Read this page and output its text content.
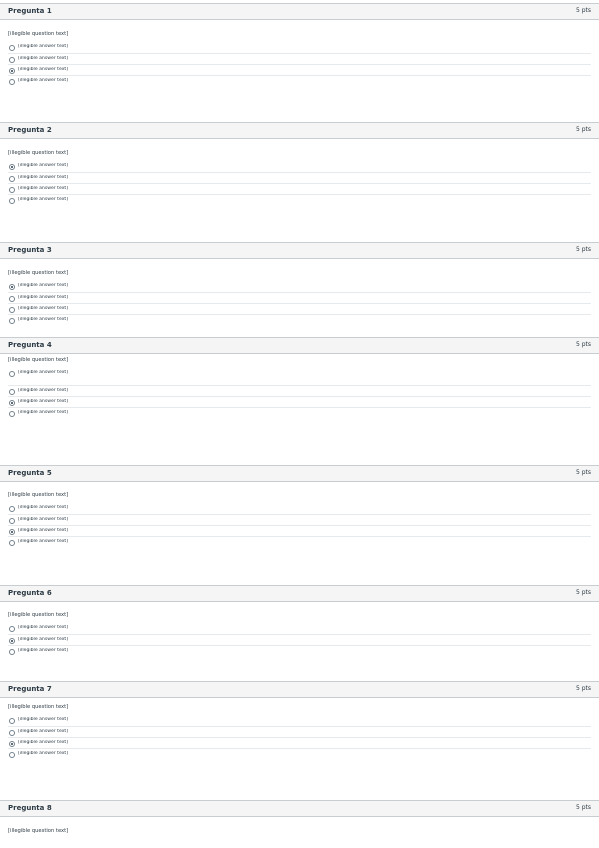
Pregunta 1	5 pts

[illegible question text]

[illegible answer text]
[illegible answer text]
[illegible answer text]
[illegible answer text]
Pregunta 2	5 pts

[illegible question text]

[illegible answer text]
[illegible answer text]
[illegible answer text]
[illegible answer text]
Pregunta 3	5 pts

[illegible question text]

[illegible answer text]
[illegible answer text]
[illegible answer text]
[illegible answer text]
Pregunta 4	5 pts

[illegible question text]

[illegible answer text]
[illegible answer text]
[illegible answer text]
[illegible answer text]
Pregunta 5	5 pts

[illegible question text]

[illegible answer text]
[illegible answer text]
[illegible answer text]
[illegible answer text]
Pregunta 6	5 pts

[illegible question text]

[illegible answer text]
[illegible answer text]
[illegible answer text]
Pregunta 7	5 pts

[illegible question text]

[illegible answer text]
[illegible answer text]
[illegible answer text]
[illegible answer text]
Pregunta 8	5 pts

[illegible question text]
